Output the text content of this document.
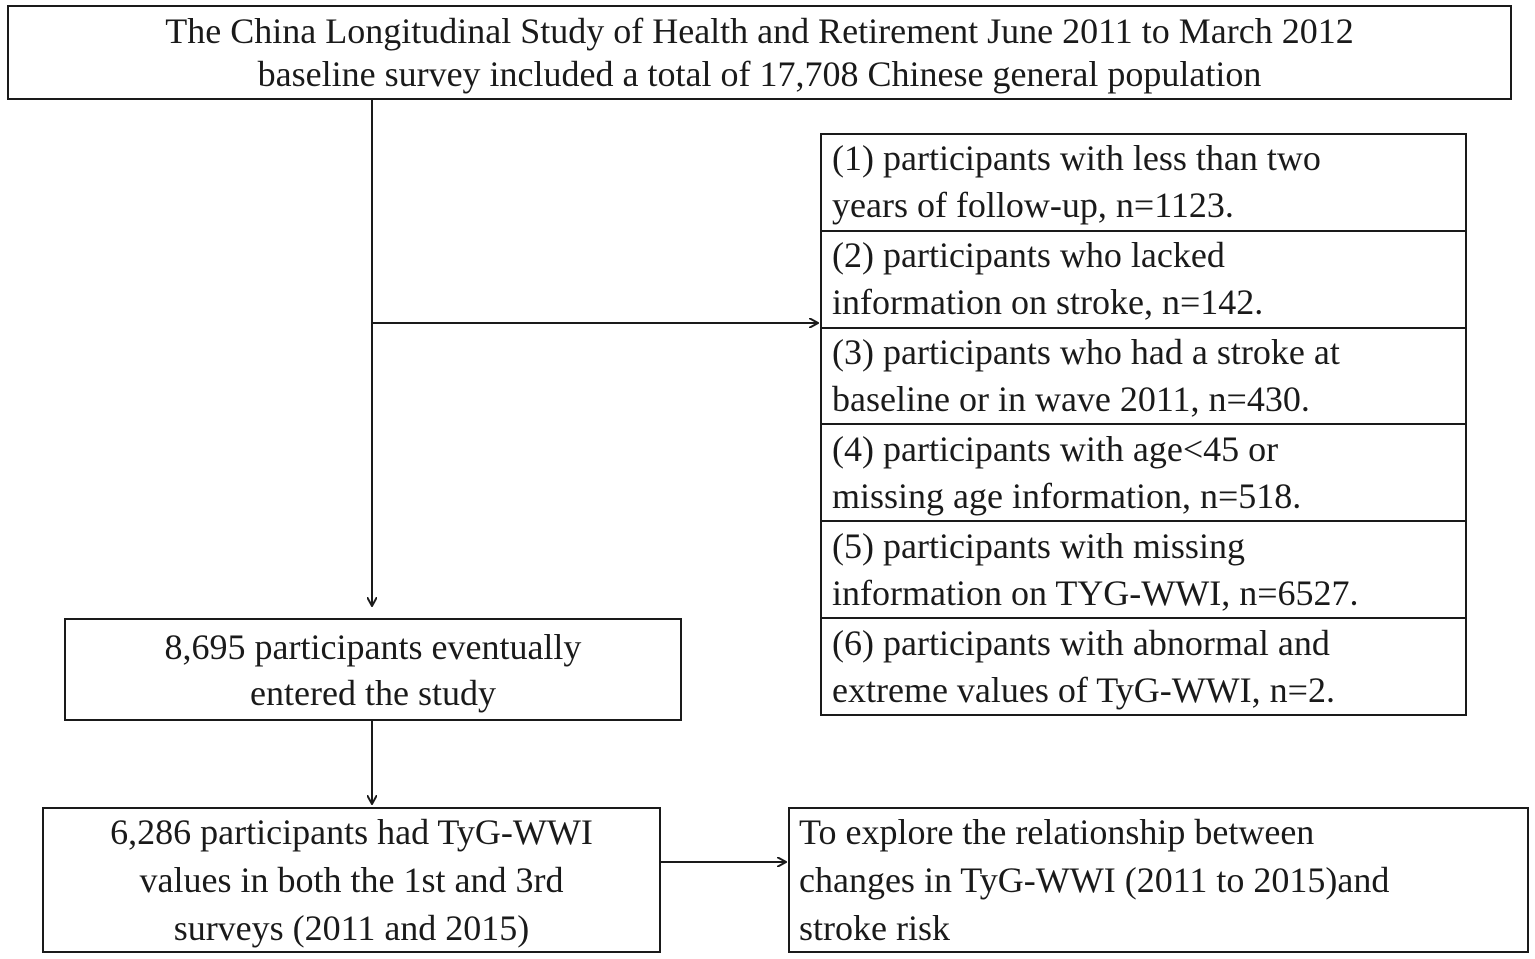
The China Longitudinal Study of Health and Retirement June 2011 to March 2012
baseline survey included a total of 17,708 Chinese general population
(1) participants with less than two
years of follow-up, n=1123.
(2) participants who lacked
information on stroke, n=142.
(3) participants who had a stroke at
baseline or in wave 2011, n=430.
(4) participants with age<45 or
missing age information, n=518.
(5) participants with missing
information on TYG-WWI, n=6527.
(6) participants with abnormal and
extreme values of TyG-WWI, n=2.
8,695 participants eventually
entered the study
6,286 participants had TyG-WWI
values in both the 1st and 3rd
surveys (2011 and 2015)
To explore the relationship between
changes in TyG-WWI (2011 to 2015)and
stroke risk
